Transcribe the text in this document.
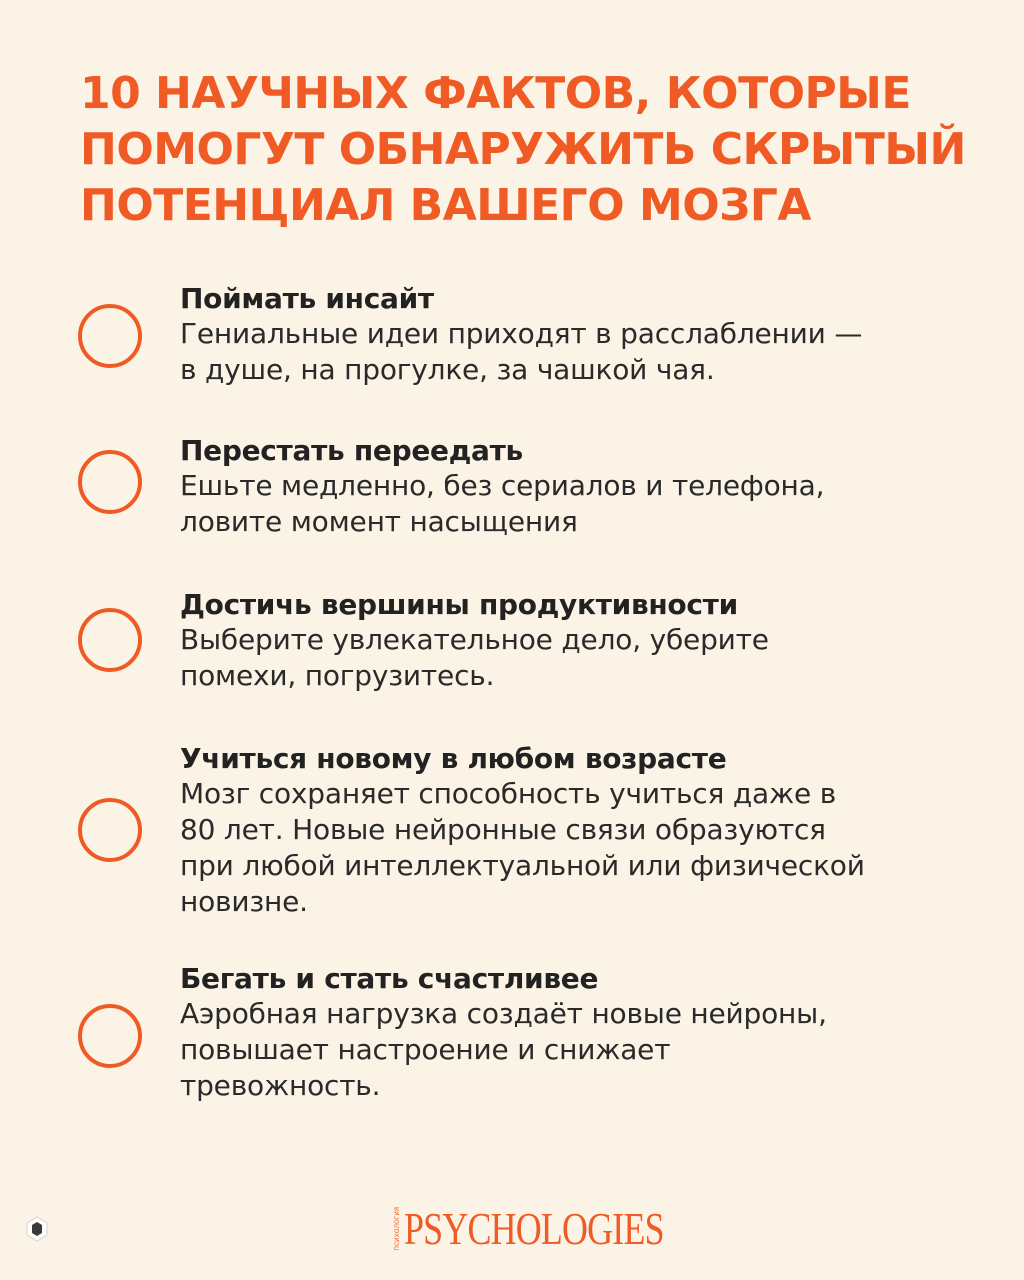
10 НАУЧНЫХ ФАКТОВ, КОТОРЫЕ
ПОМОГУТ ОБНАРУЖИТЬ СКРЫТЫЙ
ПОТЕНЦИАЛ ВАШЕГО МОЗГА
Поймать инсайт
Гениальные идеи приходят в расслаблении —
в душе, на прогулке, за чашкой чая.
Перестать переедать
Ешьте медленно, без сериалов и телефона,
ловите момент насыщения
Достичь вершины продуктивности
Выберите увлекательное дело, уберите
помехи, погрузитесь.
Учиться новому в любом возрасте
Мозг сохраняет способность учиться даже в
80 лет. Новые нейронные связи образуются
при любой интеллектуальной или физической
новизне.
Бегать и стать счастливее
Аэробная нагрузка создаёт новые нейроны,
повышает настроение и снижает
тревожность.
ПСИХОЛОГИЯ PSYCHOLOGIES
